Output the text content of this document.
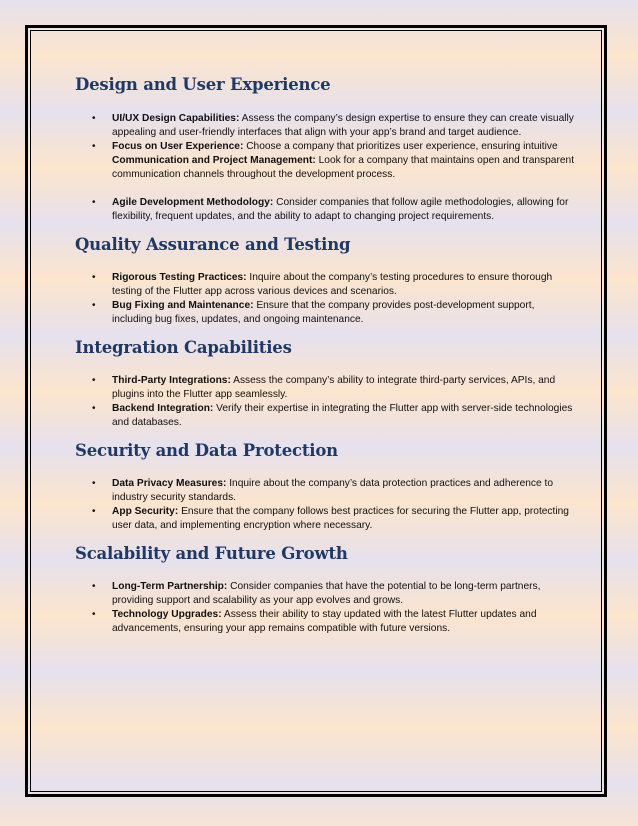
Design and User Experience
• UI/UX Design Capabilities: Assess the company’s design expertise to ensure they can create visually appealing and user-friendly interfaces that align with your app’s brand and target audience.
• Focus on User Experience: Choose a company that prioritizes user experience, ensuring intuitive
Communication and Project Management: Look for a company that maintains open and transparent communication channels throughout the development process.
• Agile Development Methodology: Consider companies that follow agile methodologies, allowing for flexibility, frequent updates, and the ability to adapt to changing project requirements.
Quality Assurance and Testing
• Rigorous Testing Practices: Inquire about the company’s testing procedures to ensure thorough testing of the Flutter app across various devices and scenarios.
• Bug Fixing and Maintenance: Ensure that the company provides post-development support, including bug fixes, updates, and ongoing maintenance.
Integration Capabilities
• Third-Party Integrations: Assess the company’s ability to integrate third-party services, APIs, and plugins into the Flutter app seamlessly.
• Backend Integration: Verify their expertise in integrating the Flutter app with server-side technologies and databases.
Security and Data Protection
• Data Privacy Measures: Inquire about the company’s data protection practices and adherence to industry security standards.
• App Security: Ensure that the company follows best practices for securing the Flutter app, protecting user data, and implementing encryption where necessary.
Scalability and Future Growth
• Long-Term Partnership: Consider companies that have the potential to be long-term partners, providing support and scalability as your app evolves and grows.
• Technology Upgrades: Assess their ability to stay updated with the latest Flutter updates and advancements, ensuring your app remains compatible with future versions.
